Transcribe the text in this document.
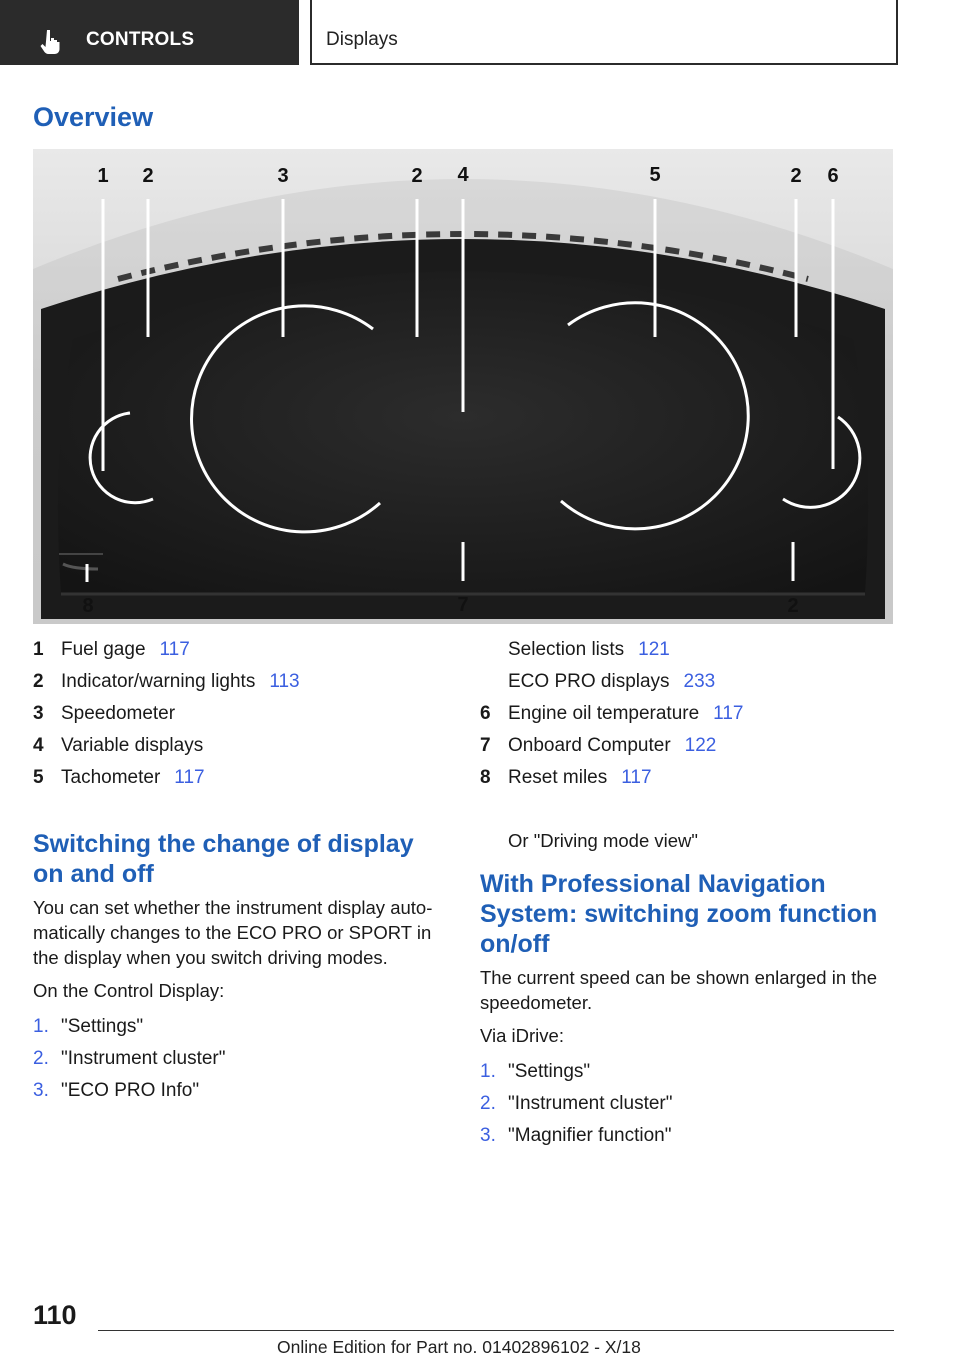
CONTROLS	Displays
Overview
1 2	3	2 4	5	2 6
8	7	2
1 Fuel gage 117
2 Indicator/warning lights 113
3 Speedometer
4 Variable displays
5 Tachometer 117
Selection lists 121
ECO PRO displays 233
6 Engine oil temperature 117
7 Onboard Computer 122
8 Reset miles 117
Switching the change of display
on and off

You can set whether the instrument display auto-
matically changes to the ECO PRO or SPORT in
the display when you switch driving modes.

On the Control Display:

1. "Settings"
2. "Instrument cluster"
3. "ECO PRO Info"
Or "Driving mode view"
With Professional Navigation
System: switching zoom function
on/off

The current speed can be shown enlarged in the
speedometer.

Via iDrive:

1. "Settings"
2. "Instrument cluster"
3. "Magnifier function"
110
Online Edition for Part no. 01402896102 - X/18
